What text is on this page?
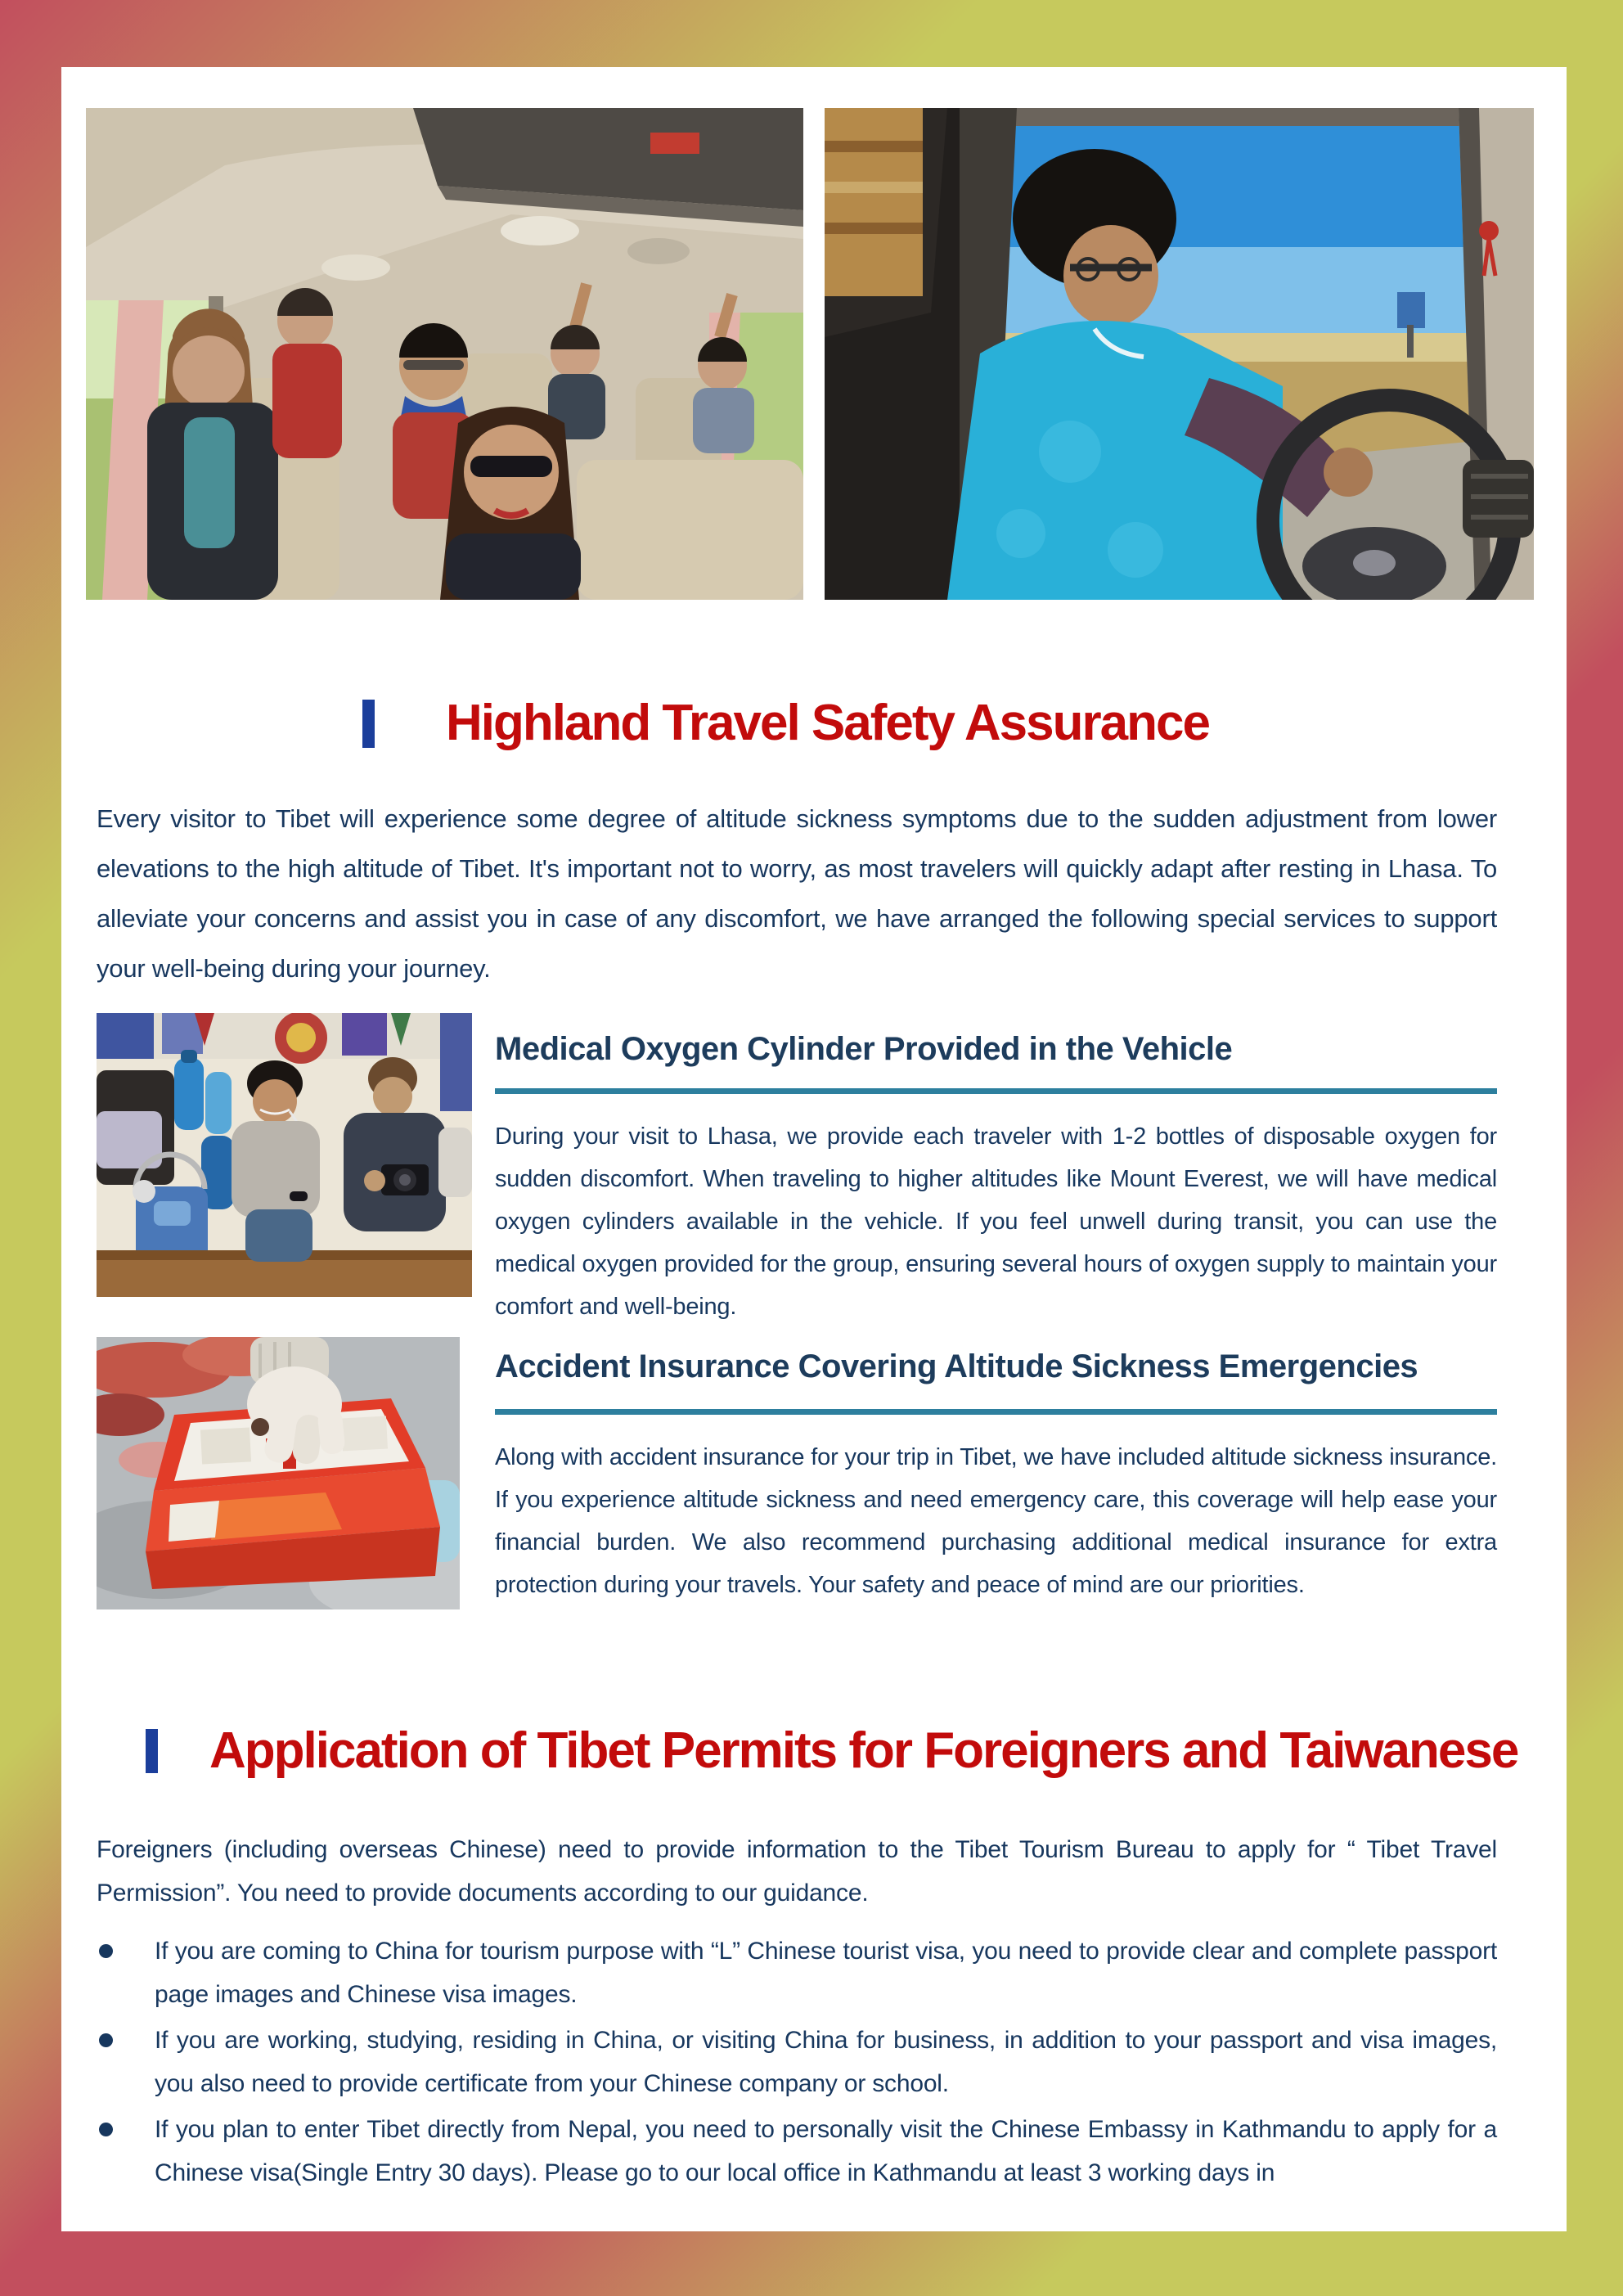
Highland Travel Safety Assurance
Every visitor to Tibet will experience some degree of altitude sickness symptoms due to the sudden adjustment from lower elevations to the high altitude of Tibet. It's important not to worry, as most travelers will quickly adapt after resting in Lhasa. To alleviate your concerns and assist you in case of any discomfort, we have arranged the following special services to support your well-being during your journey.
Medical Oxygen Cylinder Provided in the Vehicle
During your visit to Lhasa, we provide each traveler with 1-2 bottles of disposable oxygen for sudden discomfort. When traveling to higher altitudes like Mount Everest, we will have medical oxygen cylinders available in the vehicle. If you feel unwell during transit, you can use the medical oxygen provided for the group, ensuring several hours of oxygen supply to maintain your comfort and well-being.
Accident Insurance Covering Altitude Sickness Emergencies
Along with accident insurance for your trip in Tibet, we have included altitude sickness insurance. If you experience altitude sickness and need emergency care, this coverage will help ease your financial burden. We also recommend purchasing additional medical insurance for extra protection during your travels. Your safety and peace of mind are our priorities.
Application of Tibet Permits for Foreigners and Taiwanese
Foreigners (including overseas Chinese) need to provide information to the Tibet Tourism Bureau to apply for “ Tibet Travel Permission”. You need to provide documents according to our guidance.
If you are coming to China for tourism purpose with “L” Chinese tourist visa, you need to provide clear and complete passport page images and Chinese visa images.
If you are working, studying, residing in China, or visiting China for business, in addition to your passport and visa images, you also need to provide certificate from your Chinese company or school.
If you plan to enter Tibet directly from Nepal, you need to personally visit the Chinese Embassy in Kathmandu to apply for a Chinese visa(Single Entry 30 days). Please go to our local office in Kathmandu at least 3 working days in
